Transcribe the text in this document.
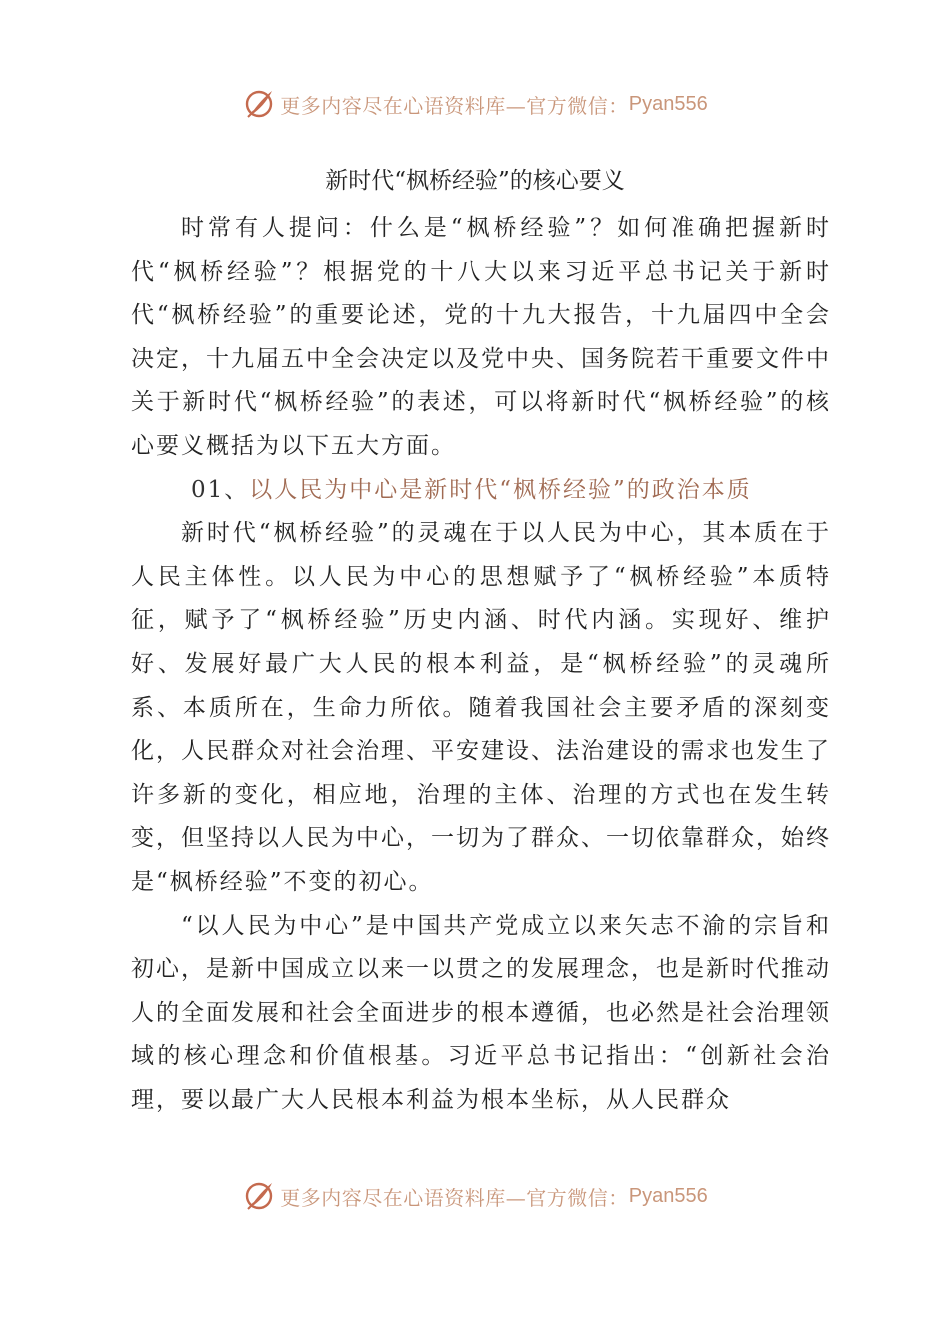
更多内容尽在心语资料库—官方微信： Pyan556
新时代“枫桥经验”的核心要义

时常有人提问：什么是“枫桥经验”？如何准确把握新时代“枫桥经验”？根据党的十八大以来习近平总书记关于新时代“枫桥经验”的重要论述，党的十九大报告，十九届四中全会决定，十九届五中全会决定以及党中央、国务院若干重要文件中关于新时代“枫桥经验”的表述，可以将新时代“枫桥经验”的核心要义概括为以下五大方面。

01、以人民为中心是新时代“枫桥经验”的政治本质

新时代“枫桥经验”的灵魂在于以人民为中心，其本质在于人民主体性。以人民为中心的思想赋予了“枫桥经验”本质特征，赋予了“枫桥经验”历史内涵、时代内涵。实现好、维护好、发展好最广大人民的根本利益，是“枫桥经验”的灵魂所系、本质所在，生命力所依。随着我国社会主要矛盾的深刻变化，人民群众对社会治理、平安建设、法治建设的需求也发生了许多新的变化，相应地，治理的主体、治理的方式也在发生转变，但坚持以人民为中心，一切为了群众、一切依靠群众，始终是“枫桥经验”不变的初心。

“以人民为中心”是中国共产党成立以来矢志不渝的宗旨和初心，是新中国成立以来一以贯之的发展理念，也是新时代推动人的全面发展和社会全面进步的根本遵循，也必然是社会治理领域的核心理念和价值根基。习近平总书记指出：“创新社会治理，要以最广大人民根本利益为根本坐标，从人民群众

更多内容尽在心语资料库—官方微信： Pyan556
